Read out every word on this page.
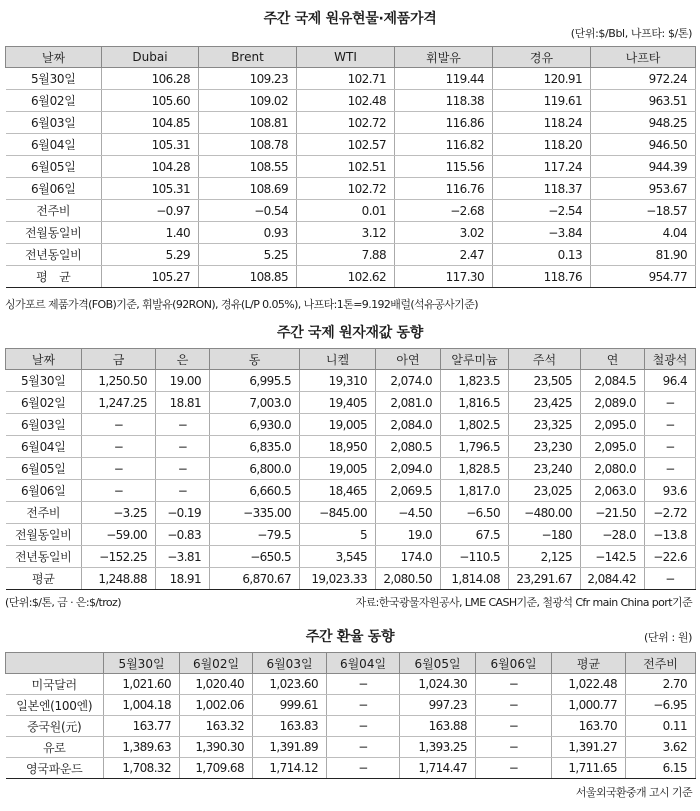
주간 국제 원유현물·제품가격
(단위:$/Bbl, 나프타: $/톤)
날짜	Dubai	Brent	WTI	휘발유	경유	나프타
5월30일	106.28	109.23	102.71	119.44	120.91	972.24
6월02일	105.60	109.02	102.48	118.38	119.61	963.51
6월03일	104.85	108.81	102.72	116.86	118.24	948.25
6월04일	105.31	108.78	102.57	116.82	118.20	946.50
6월05일	104.28	108.55	102.51	115.56	117.24	944.39
6월06일	105.31	108.69	102.72	116.76	118.37	953.67
전주비	−0.97	−0.54	0.01	−2.68	−2.54	−18.57
전월동일비	1.40	0.93	3.12	3.02	−3.84	4.04
전년동일비	5.29	5.25	7.88	2.47	0.13	81.90
평　균	105.27	108.85	102.62	117.30	118.76	954.77
싱가포르 제품가격(FOB)기준, 휘발유(92RON), 경유(L/P 0.05%), 나프타:1톤=9.192배럴(석유공사기준)
주간 국제 원자재값 동향
날짜	금	은	동	니켈	아연	알루미늄	주석	연	철광석
5월30일	1,250.50	19.00	6,995.5	19,310	2,074.0	1,823.5	23,505	2,084.5	96.4
6월02일	1,247.25	18.81	7,003.0	19,405	2,081.0	1,816.5	23,425	2,089.0	−
6월03일	−	−	6,930.0	19,005	2,084.0	1,802.5	23,325	2,095.0	−
6월04일	−	−	6,835.0	18,950	2,080.5	1,796.5	23,230	2,095.0	−
6월05일	−	−	6,800.0	19,005	2,094.0	1,828.5	23,240	2,080.0	−
6월06일	−	−	6,660.5	18,465	2,069.5	1,817.0	23,025	2,063.0	93.6
전주비	−3.25	−0.19	−335.00	−845.00	−4.50	−6.50	−480.00	−21.50	−2.72
전월동일비	−59.00	−0.83	−79.5	5	19.0	67.5	−180	−28.0	−13.8
전년동일비	−152.25	−3.81	−650.5	3,545	174.0	−110.5	2,125	−142.5	−22.6
평균	1,248.88	18.91	6,870.67	19,023.33	2,080.50	1,814.08	23,291.67	2,084.42	−
(단위:$/톤, 금 · 은:$/troz)	자료:한국광물자원공사, LME CASH기준, 철광석 Cfr main China port기준
주간 환율 동향	(단위 : 원)
	5월30일	6월02일	6월03일	6월04일	6월05일	6월06일	평균	전주비
미국달러	1,021.60	1,020.40	1,023.60	−	1,024.30	−	1,022.48	2.70
일본엔(100엔)	1,004.18	1,002.06	999.61	−	997.23	−	1,000.77	−6.95
중국원(元)	163.77	163.32	163.83	−	163.88	−	163.70	0.11
유로	1,389.63	1,390.30	1,391.89	−	1,393.25	−	1,391.27	3.62
영국파운드	1,708.32	1,709.68	1,714.12	−	1,714.47	−	1,711.65	6.15
서울외국환중개 고시 기준
